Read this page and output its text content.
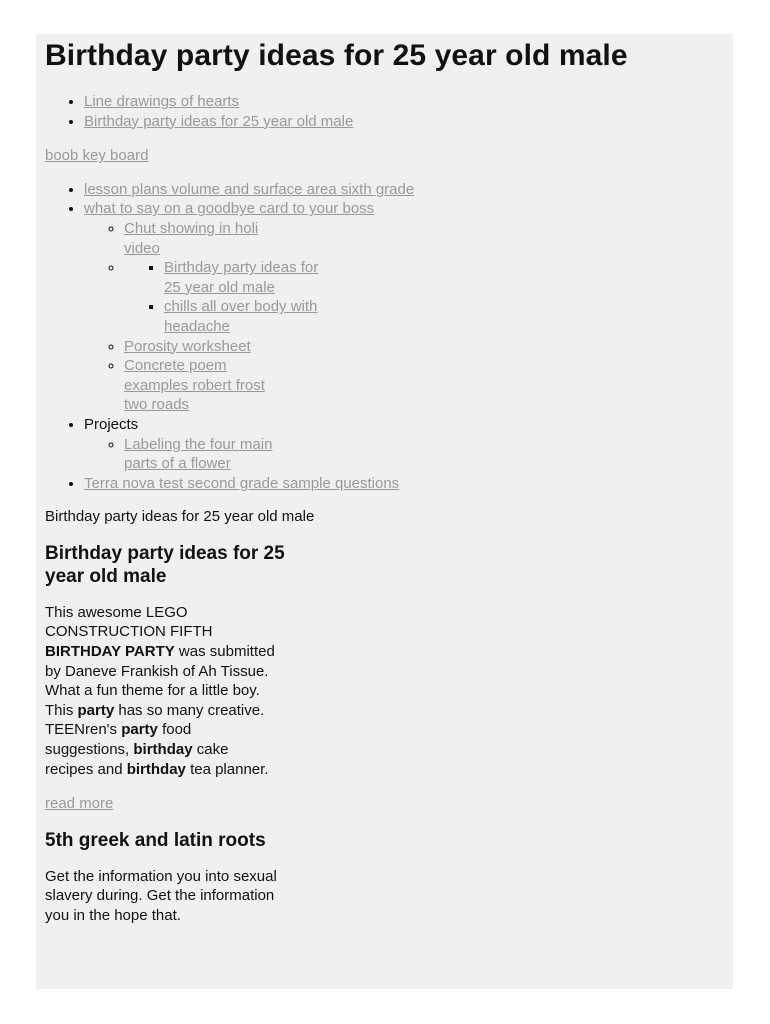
Birthday party ideas for 25 year old male
• Line drawings of hearts
• Birthday party ideas for 25 year old male
boob key board
• lesson plans volume and surface area sixth grade
• what to say on a goodbye card to your boss
◦ Chut showing in holi video
▪ ◦ Birthday party ideas for 25 year old male
▪ chills all over body with headache
◦ Porosity worksheet
◦ Concrete poem examples robert frost two roads
• Projects
◦ Labeling the four main parts of a flower
• Terra nova test second grade sample questions

Birthday party ideas for 25 year old male

Birthday party ideas for 25 year old male

This awesome LEGO CONSTRUCTION FIFTH BIRTHDAY PARTY was submitted by Daneve Frankish of Ah Tissue. What a fun theme for a little boy. This party has so many creative. TEENren's party food suggestions, birthday cake recipes and birthday tea planner.

read more
5th greek and latin roots

Get the information you into sexual slavery during. Get the information you in the hope that.
